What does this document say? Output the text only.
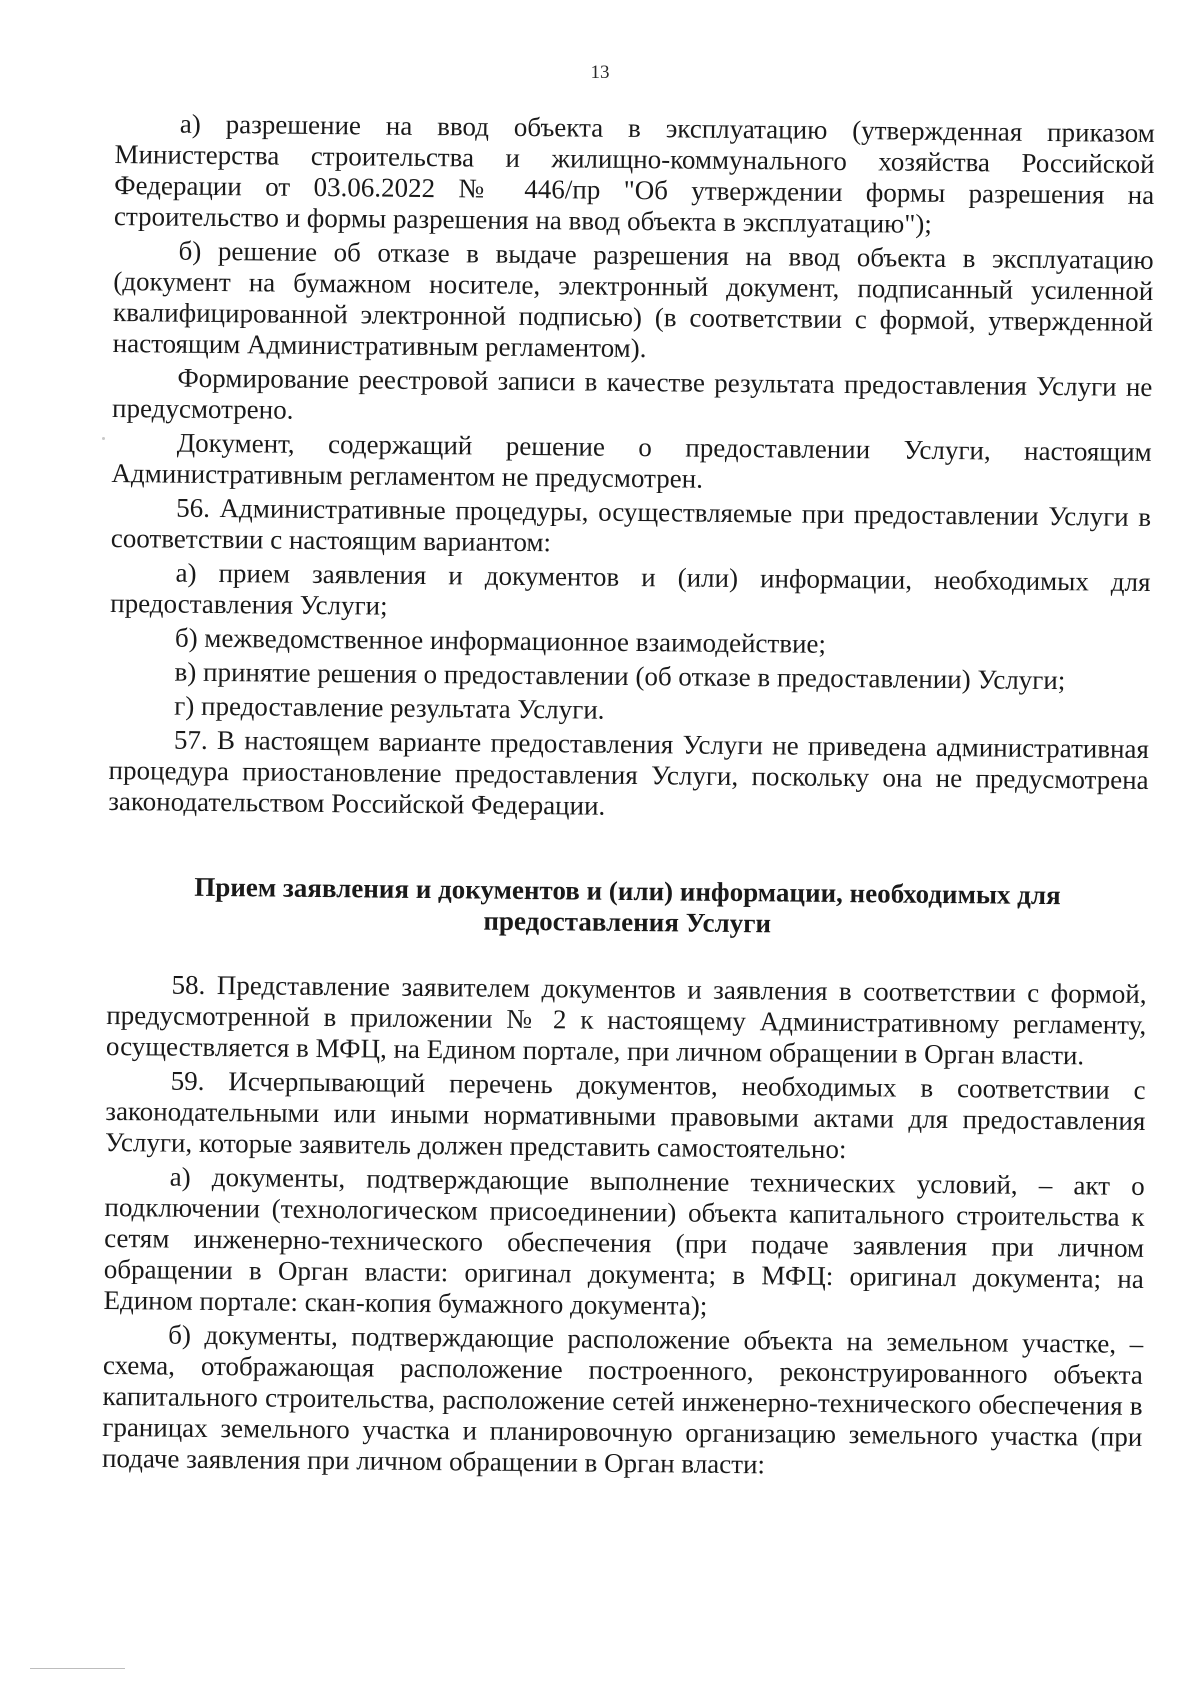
13

а) разрешение на ввод объекта в эксплуатацию (утвержденная приказом Министерства строительства и жилищно-коммунального хозяйства Российской Федерации от 03.06.2022 № 446/пр "Об утверждении формы разрешения на строительство и формы разрешения на ввод объекта в эксплуатацию");

б) решение об отказе в выдаче разрешения на ввод объекта в эксплуатацию (документ на бумажном носителе, электронный документ, подписанный усиленной квалифицированной электронной подписью) (в соответствии с формой, утвержденной настоящим Административным регламентом).

Формирование реестровой записи в качестве результата предоставления Услуги не предусмотрено.

Документ, содержащий решение о предоставлении Услуги, настоящим Административным регламентом не предусмотрен.

56. Административные процедуры, осуществляемые при предоставлении Услуги в соответствии с настоящим вариантом:

а) прием заявления и документов и (или) информации, необходимых для предоставления Услуги;

б) межведомственное информационное взаимодействие;

в) принятие решения о предоставлении (об отказе в предоставлении) Услуги;

г) предоставление результата Услуги.

57. В настоящем варианте предоставления Услуги не приведена административная процедура приостановление предоставления Услуги, поскольку она не предусмотрена законодательством Российской Федерации.

Прием заявления и документов и (или) информации, необходимых для предоставления Услуги

58. Представление заявителем документов и заявления в соответствии с формой, предусмотренной в приложении № 2 к настоящему Административному регламенту, осуществляется в МФЦ, на Едином портале, при личном обращении в Орган власти.

59. Исчерпывающий перечень документов, необходимых в соответствии с законодательными или иными нормативными правовыми актами для предоставления Услуги, которые заявитель должен представить самостоятельно:

а) документы, подтверждающие выполнение технических условий, – акт о подключении (технологическом присоединении) объекта капитального строительства к сетям инженерно-технического обеспечения (при подаче заявления при личном обращении в Орган власти: оригинал документа; в МФЦ: оригинал документа; на Едином портале: скан-копия бумажного документа);

б) документы, подтверждающие расположение объекта на земельном участке, – схема, отображающая расположение построенного, реконструированного объекта капитального строительства, расположение сетей инженерно-технического обеспечения в границах земельного участка и планировочную организацию земельного участка (при подаче заявления при личном обращении в Орган власти:
